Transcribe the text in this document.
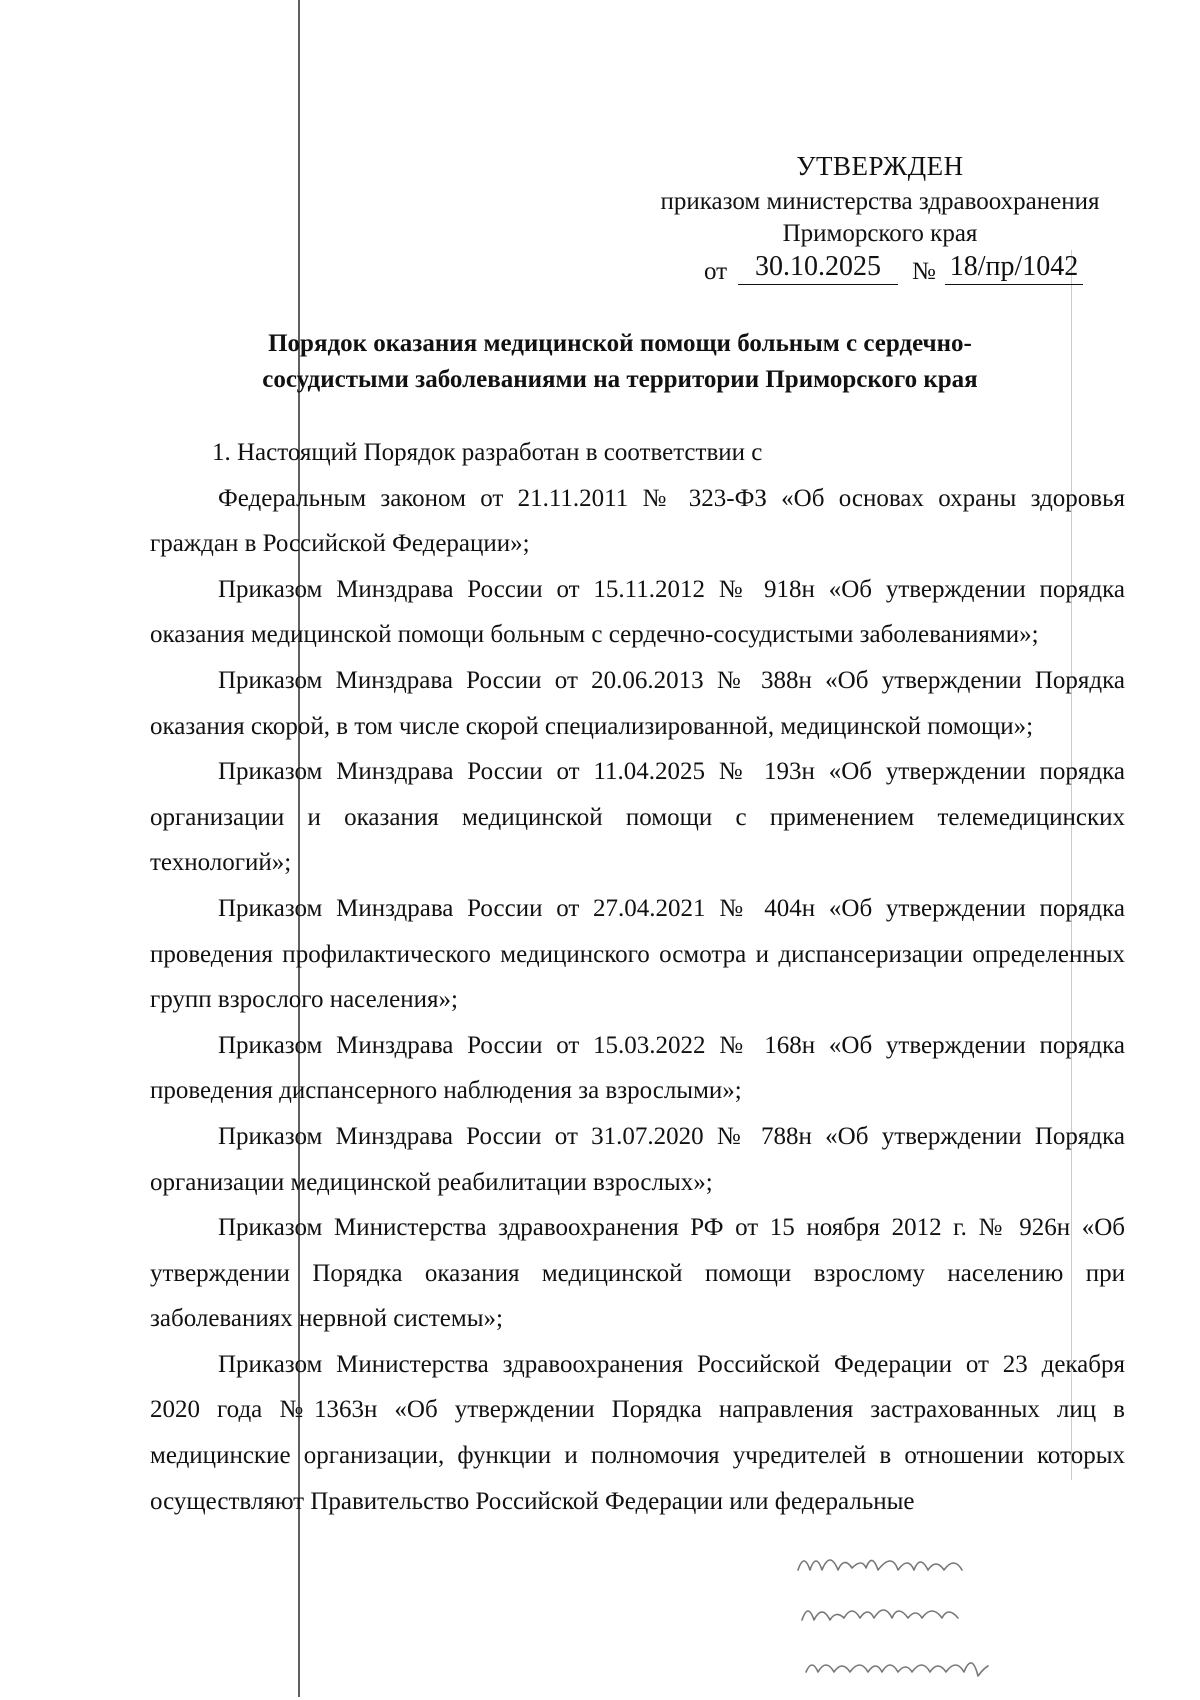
УТВЕРЖДЕН
приказом министерства здравоохранения
Приморского края
от 30.10.2025	№ 18/пр/1042
Порядок оказания медицинской помощи больным с сердечно-
сосудистыми заболеваниями на территории Приморского края

1. Настоящий Порядок разработан в соответствии с

Федеральным законом от 21.11.2011 № 323-ФЗ «Об основах охраны здоровья граждан в Российской Федерации»;

Приказом Минздрава России от 15.11.2012 № 918н «Об утверждении порядка оказания медицинской помощи больным с сердечно-сосудистыми заболеваниями»;

Приказом Минздрава России от 20.06.2013 № 388н «Об утверждении Порядка оказания скорой, в том числе скорой специализированной, медицинской помощи»;

Приказом Минздрава России от 11.04.2025 № 193н «Об утверждении порядка организации и оказания медицинской помощи с применением телемедицинских технологий»;

Приказом Минздрава России от 27.04.2021 № 404н «Об утверждении порядка проведения профилактического медицинского осмотра и диспансеризации определенных групп взрослого населения»;

Приказом Минздрава России от 15.03.2022 № 168н «Об утверждении порядка проведения диспансерного наблюдения за взрослыми»;

Приказом Минздрава России от 31.07.2020 № 788н «Об утверждении Порядка организации медицинской реабилитации взрослых»;

Приказом Министерства здравоохранения РФ от 15 ноября 2012 г. № 926н «Об утверждении Порядка оказания медицинской помощи взрослому населению при заболеваниях нервной системы»;

Приказом Министерства здравоохранения Российской Федерации от 23 декабря 2020 года №1363н «Об утверждении Порядка направления застрахованных лиц в медицинские организации, функции и полномочия учредителей в отношении которых осуществляют Правительство Российской Федерации или федеральные
